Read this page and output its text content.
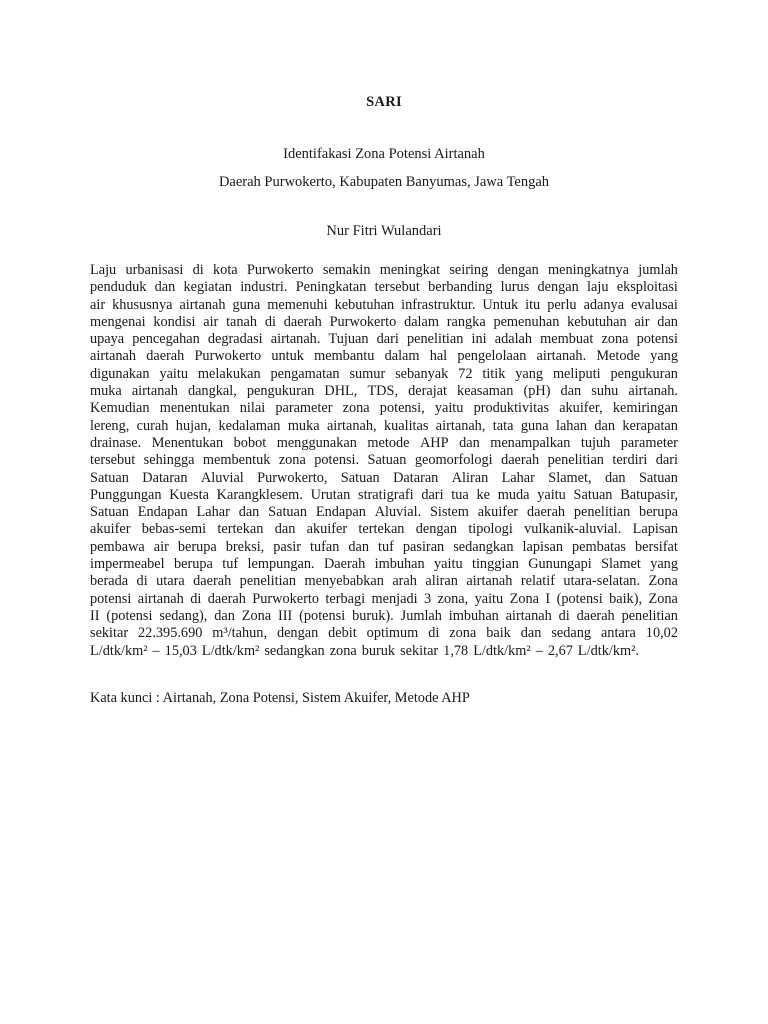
SARI
Identifakasi Zona Potensi Airtanah
Daerah Purwokerto, Kabupaten Banyumas, Jawa Tengah
Nur Fitri Wulandari
Laju urbanisasi di kota Purwokerto semakin meningkat seiring dengan meningkatnya jumlah
penduduk dan kegiatan industri. Peningkatan tersebut berbanding lurus dengan laju eksploitasi
air khususnya airtanah guna memenuhi kebutuhan infrastruktur. Untuk itu perlu adanya evalusai
mengenai kondisi air tanah di daerah Purwokerto dalam rangka pemenuhan kebutuhan air dan
upaya pencegahan degradasi airtanah. Tujuan dari penelitian ini adalah membuat zona potensi
airtanah daerah Purwokerto untuk membantu dalam hal pengelolaan airtanah. Metode yang
digunakan yaitu melakukan pengamatan sumur sebanyak 72 titik yang meliputi pengukuran
muka airtanah dangkal, pengukuran DHL, TDS, derajat keasaman (pH) dan suhu airtanah.
Kemudian menentukan nilai parameter zona potensi, yaitu produktivitas akuifer, kemiringan
lereng, curah hujan, kedalaman muka airtanah, kualitas airtanah, tata guna lahan dan kerapatan
drainase. Menentukan bobot menggunakan metode AHP dan menampalkan tujuh parameter
tersebut sehingga membentuk zona potensi. Satuan geomorfologi daerah penelitian terdiri dari
Satuan Dataran Aluvial Purwokerto, Satuan Dataran Aliran Lahar Slamet, dan Satuan
Punggungan Kuesta Karangklesem. Urutan stratigrafi dari tua ke muda yaitu Satuan Batupasir,
Satuan Endapan Lahar dan Satuan Endapan Aluvial. Sistem akuifer daerah penelitian berupa
akuifer bebas-semi tertekan dan akuifer tertekan dengan tipologi vulkanik-aluvial. Lapisan
pembawa air berupa breksi, pasir tufan dan tuf pasiran sedangkan lapisan pembatas bersifat
impermeabel berupa tuf lempungan. Daerah imbuhan yaitu tinggian Gunungapi Slamet yang
berada di utara daerah penelitian menyebabkan arah aliran airtanah relatif utara-selatan. Zona
potensi airtanah di daerah Purwokerto terbagi menjadi 3 zona, yaitu Zona I (potensi baik), Zona
II (potensi sedang), dan Zona III (potensi buruk). Jumlah imbuhan airtanah di daerah penelitian
sekitar 22.395.690 m³/tahun, dengan debit optimum di zona baik dan sedang antara 10,02
L/dtk/km² – 15,03 L/dtk/km² sedangkan zona buruk sekitar 1,78 L/dtk/km² – 2,67 L/dtk/km².
Kata kunci : Airtanah, Zona Potensi, Sistem Akuifer, Metode AHP
